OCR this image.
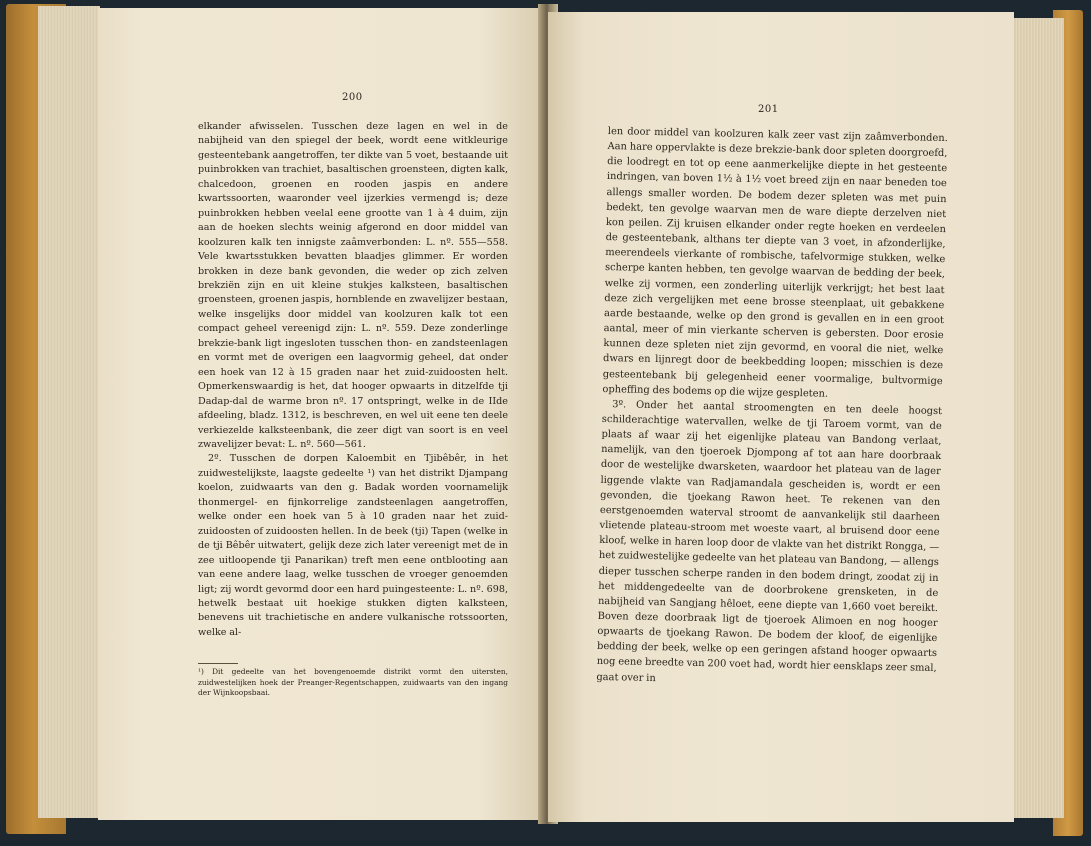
200

elkander afwisselen. Tusschen deze lagen en wel in de nabijheid van den spiegel der beek, wordt eene witkleurige gesteentebank aangetroffen, ter dikte van 5 voet, bestaande uit puinbrokken van trachiet, basaltischen groensteen, digten kalk, chalcedoon, groenen en rooden jaspis en andere kwartssoorten, waaronder veel ijzerkies vermengd is; deze puinbrokken hebben veelal eene grootte van 1 à 4 duim, zijn aan de hoeken slechts weinig afgerond en door middel van koolzuren kalk ten innigste zaâmverbonden: L. nº. 555—558. Vele kwartsstukken bevatten blaadjes glimmer. Er worden brokken in deze bank gevonden, die weder op zich zelven brekziën zijn en uit kleine stukjes kalksteen, basaltischen groensteen, groenen jaspis, hornblende en zwavelijzer bestaan, welke insgelijks door middel van koolzuren kalk tot een compact geheel vereenigd zijn: L. nº. 559. Deze zonderlinge brekzie-bank ligt ingesloten tusschen thon- en zandsteenlagen en vormt met de overigen een laagvormig geheel, dat onder een hoek van 12 à 15 graden naar het zuid-zuidoosten helt. Opmerkenswaardig is het, dat hooger opwaarts in ditzelfde tji Dadap-dal de warme bron nº. 17 ontspringt, welke in de IIde afdeeling, bladz. 1312, is beschreven, en wel uit eene ten deele verkiezelde kalksteenbank, die zeer digt van soort is en veel zwavelijzer bevat: L. nº. 560—561.

2º. Tusschen de dorpen Kaloembit en Tjibêbêr, in het zuidwestelijkste, laagste gedeelte ¹) van het distrikt Djampang koelon, zuidwaarts van den g. Badak worden voornamelijk thonmergel- en fijnkorrelige zandsteenlagen aangetroffen, welke onder een hoek van 5 à 10 graden naar het zuid-zuidoosten of zuidoosten hellen. In de beek (tji) Tapen (welke in de tji Bêbêr uitwatert, gelijk deze zich later vereenigt met de in zee uitloopende tji Panarikan) treft men eene ontblooting aan van eene andere laag, welke tusschen de vroeger genoemden ligt; zij wordt gevormd door een hard puingesteente: L. nº. 698, hetwelk bestaat uit hoekige stukken digten kalksteen, benevens uit trachietische en andere vulkanische rotssoorten, welke al-

¹) Dit gedeelte van het bovengenoemde distrikt vormt den uitersten, zuidwestelijken hoek der Preanger-Regentschappen, zuidwaarts van den ingang der Wijnkoopsbaai.
201

len door middel van koolzuren kalk zeer vast zijn zaâmverbonden. Aan hare oppervlakte is deze brekzie-bank door spleten doorgroefd, die loodregt en tot op eene aanmerkelijke diepte in het gesteente indringen, van boven 1½ à 1½ voet breed zijn en naar beneden toe allengs smaller worden. De bodem dezer spleten was met puin bedekt, ten gevolge waarvan men de ware diepte derzelven niet kon peilen. Zij kruisen elkander onder regte hoeken en verdeelen de gesteentebank, althans ter diepte van 3 voet, in afzonderlijke, meerendeels vierkante of rombische, tafelvormige stukken, welke scherpe kanten hebben, ten gevolge waarvan de bedding der beek, welke zij vormen, een zonderling uiterlijk verkrijgt; het best laat deze zich vergelijken met eene brosse steenplaat, uit gebakkene aarde bestaande, welke op den grond is gevallen en in een groot aantal, meer of min vierkante scherven is gebersten. Door erosie kunnen deze spleten niet zijn gevormd, en vooral die niet, welke dwars en lijnregt door de beekbedding loopen; misschien is deze gesteentebank bij gelegenheid eener voormalige, bultvormige opheffing des bodems op die wijze gespleten.

3º. Onder het aantal stroomengten en ten deele hoogst schilderachtige watervallen, welke de tji Taroem vormt, van de plaats af waar zij het eigenlijke plateau van Bandong verlaat, namelijk, van den tjoeroek Djompong af tot aan hare doorbraak door de westelijke dwarsketen, waardoor het plateau van de lager liggende vlakte van Radjamandala gescheiden is, wordt er een gevonden, die tjoekang Rawon heet. Te rekenen van den eerstgenoemden waterval stroomt de aanvankelijk stil daarheen vlietende plateau-stroom met woeste vaart, al bruisend door eene kloof, welke in haren loop door de vlakte van het distrikt Rongga, — het zuidwestelijke gedeelte van het plateau van Bandong, — allengs dieper tusschen scherpe randen in den bodem dringt, zoodat zij in het middengedeelte van de doorbrokene grensketen, in de nabijheid van Sangjang hêloet, eene diepte van 1,660 voet bereikt. Boven deze doorbraak ligt de tjoeroek Alimoen en nog hooger opwaarts de tjoekang Rawon. De bodem der kloof, de eigenlijke bedding der beek, welke op een geringen afstand hooger opwaarts nog eene breedte van 200 voet had, wordt hier eensklaps zeer smal, gaat over in
